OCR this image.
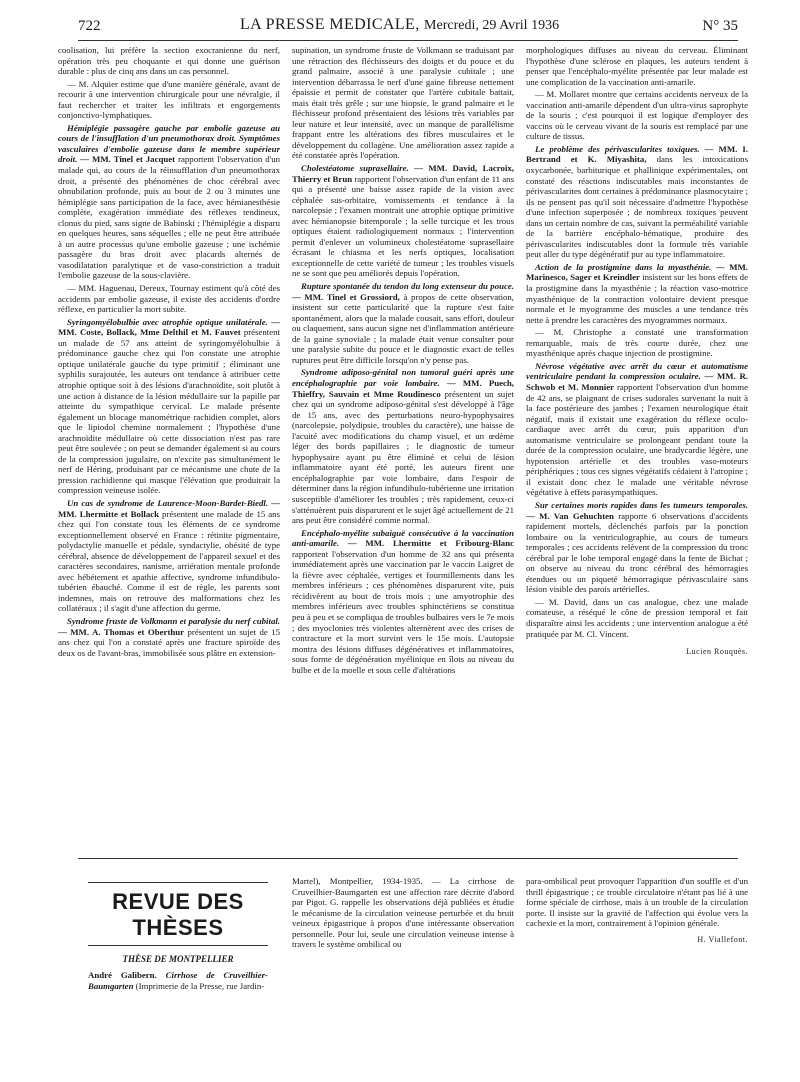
722	LA PRESSE MEDICALE, Mercredi, 29 Avril 1936	N° 35

coolisation, lui préfère la section exocranienne du nerf, opération très peu choquante et qui donne une guérison durable : plus de cinq ans dans un cas personnel.

— M. Alquier estime que d'une manière générale, avant de recourir à une intervention chirurgicale pour une névralgie, il faut rechercher et traiter les infiltrats et engorgements conjonctivo-lymphatiques.

Hémiplégie passagère gauche par embolie gazeuse au cours de l'insufflation d'un pneumothorax droit. Symptômes vasculaires d'embolie gazeuse dans le membre supérieur droit. — MM. Tinel et Jacquet rapportent l'observation d'un malade qui, au cours de la réinsufflation d'un pneumothorax droit, a présenté des phénomènes de choc cérébral avec obnubilation profonde, puis au bout de 2 ou 3 minutes une hémiplégie sans participation de la face, avec hémianesthésie complète, exagération immédiate des réflexes tendineux, clonus du pied, sans signe de Babinski ; l'hémiplégie a disparu en quelques heures, sans séquelles ; elle ne peut être attribuée à un autre processus qu'une embolie gazeuse ; une ischémie passagère du bras droit avec placards alternés de vasodilatation paralytique et de vaso-constriction a traduit l'embolie gazeuse de la sous-clavière.

— MM. Haguenau, Dereux, Tournay estiment qu'à côté des accidents par embolie gazeuse, il existe des accidents d'ordre réflexe, en particulier la mort subite.

Syringomyélobulbie avec atrophie optique unilatérale. — MM. Coste, Bollack, Mme Delthil et M. Fauvet présentent un malade de 57 ans atteint de syringomyélobulbie à prédominance gauche chez qui l'on constate une atrophie optique unilatérale gauche du type primitif ; éliminant une syphilis surajoutée, les auteurs ont tendance à attribuer cette atrophie optique soit à des lésions d'arachnoïdite, soit plutôt à une action à distance de la lésion médullaire sur la papille par atteinte du sympathique cervical. Le malade présente également un blocage manométrique rachidien complet, alors que le lipiodol chemine normalement ; l'hypothèse d'une arachnoïdite médullaire où cette dissociation n'est pas rare peut être soulevée ; on peut se demander également si au cours de la compression jugulaire, on n'excite pas simultanément le nerf de Héring, produisant par ce mécanisme une chute de la pression rachidienne qui masque l'élévation que produirait la compression veineuse isolée.

Un cas de syndrome de Laurence-Moon-Bardet-Biedl. — MM. Lhermitte et Bollack présentent une malade de 15 ans chez qui l'on constate tous les éléments de ce syndrome exceptionnellement observé en France : rétinite pigmentaire, polydactylie manuelle et pédale, syndactylie, obésité de type cérébral, absence de développement de l'appareil sexuel et des caractères secondaires, nanisme, arriération mentale profonde avec hébétement et apathie affective, syndrome infundibulo-tubérien ébauché. Comme il est de règle, les parents sont indemnes, mais on retrouve des malformations chez les collatéraux ; il s'agit d'une affection du germe.

Syndrome fruste de Volkmann et paralysie du nerf cubital. — MM. A. Thomas et Oberthur présentent un sujet de 15 ans chez qui l'on a constaté après une fracture spiroïde des deux os de l'avant-bras, immobilisée sous plâtre en extension-

supination, un syndrome fruste de Volkmann se traduisant par une rétraction des fléchisseurs des doigts et du pouce et du grand palmaire, associé à une paralysie cubitale ; une intervention débarrassa le nerf d'une gaine fibreuse nettement épaissie et permit de constater que l'artère cubitale battait, mais était très grêle ; sur une biopsie, le grand palmaire et le fléchisseur profond présentaient des lésions très variables par leur nature et leur intensité, avec un manque de parallélisme frappant entre les altérations des fibres musculaires et le développement du collagène. Une amélioration assez rapide a été constatée après l'opération.

Cholestéatome suprasellaire. — MM. David, Lacroix, Thierry et Brun rapportent l'observation d'un enfant de 11 ans qui a présenté une baisse assez rapide de la vision avec céphalée sus-orbitaire, vomissements et tendance à la narcolepsie ; l'examen montrait une atrophie optique primitive avec hémianopsie bitemporale ; la selle turcique et les trous optiques étaient radiologiquement normaux ; l'intervention permit d'enlever un volumineux cholestéatome suprasellaire écrasant le chiasma et les nerfs optiques, localisation exceptionnelle de cette variété de tumeur ; les troubles visuels ne se sont que peu améliorés depuis l'opération.

Rupture spontanée du tendon du long extenseur du pouce. — MM. Tinel et Grossiord, à propos de cette observation, insistent sur cette particularité que la rupture s'est faite spontanément, alors que la malade cousait, sans effort, douleur ou claquement, sans aucun signe net d'inflammation antérieure de la gaine synoviale ; la malade était venue consulter pour une paralysie subite du pouce et le diagnostic exact de telles ruptures peut être difficile lorsqu'on n'y pense pas.

Syndrome adiposo-génital non tumoral guéri après une encéphalographie par voie lombaire. — MM. Puech, Thieffry, Sauvain et Mme Roudinesco présentent un sujet chez qui un syndrome adiposo-génital s'est développé à l'âge de 15 ans, avec des perturbations neuro-hypophysaires (narcolepsie, polydipsie, troubles du caractère), une baisse de l'acuité avec modifications du champ visuel, et un œdème léger des bords papillaires ; le diagnostic de tumeur hypophysaire ayant pu être éliminé et celui de lésion inflammatoire ayant été porté, les auteurs firent une encéphalographie par voie lombaire, dans l'espoir de déterminer dans la région infundibulo-tubérienne une irritation susceptible d'améliorer les troubles ; très rapidement, ceux-ci s'atténuèrent puis disparurent et le sujet âgé actuellement de 21 ans peut être considéré comme normal.

Encéphalo-myélite subaiguë consécutive à la vaccination anti-amarile. — MM. Lhermitte et Fribourg-Blanc rapportent l'observation d'un homme de 32 ans qui présenta immédiatement après une vaccination par le vaccin Laigret de la fièvre avec céphalée, vertiges et fourmillements dans les membres inférieurs ; ces phénomènes disparurent vite, puis récidivèrent au bout de trois mois ; une amyotrophie des membres inférieurs avec troubles sphinctériens se constitua peu à peu et se compliqua de troubles bulbaires vers le 7e mois ; des myoclonies très violentes alternèrent avec des crises de contracture et la mort survint vers le 15e mois. L'autopsie montra des lésions diffuses dégénératives et inflammatoires, sous forme de dégénération myélinique en îlots au niveau du bulbe et de la moelle et sous celle d'altérations

morphologiques diffuses au niveau du cerveau. Éliminant l'hypothèse d'une sclérose en plaques, les auteurs tendent à penser que l'encéphalo-myélite présentée par leur malade est une complication de la vaccination anti-amarile.

— M. Mollaret montre que certains accidents nerveux de la vaccination anti-amarile dépendent d'un ultra-virus saprophyte de la souris ; c'est pourquoi il est logique d'employer des vaccins où le cerveau vivant de la souris est remplacé par une culture de tissus.

Le problème des périvascularites toxiques. — MM. I. Bertrand et K. Miyashita, dans les intoxications oxycarbonée, barbiturique et phallinique expérimentales, ont constaté des réactions indiscutables mais inconstantes de périvascularites dont certaines à prédominance plasmocytaire ; ils ne pensent pas qu'il soit nécessaire d'admettre l'hypothèse d'une infection superposée ; de nombreux toxiques peuvent dans un certain nombre de cas, suivant la perméabilité variable de la barrière encéphalo-hématique, produire des périvascularites indiscutables dont la formule très variable peut aller du type dégénératif pur au type inflammatoire.

Action de la prostigmine dans la myasthénie. — MM. Marinesco, Sager et Kreindler insistent sur les bons effets de la prostigmine dans la myasthénie ; la réaction vaso-motrice myasthénique de la contraction volontaire devient presque normale et le myogramme des muscles a une tendance très nette à prendre les caractères des myogrammes normaux.

— M. Christophe a constaté une transformation remarquable, mais de très courte durée, chez une myasthénique après chaque injection de prostigmine.

Névrose végétative avec arrêt du cœur et automatisme ventriculaire pendant la compression oculaire. — MM. R. Schwob et M. Monnier rapportent l'observation d'un homme de 42 ans, se plaignant de crises sudorales survenant la nuit à la face postérieure des jambes ; l'examen neurologique était négatif, mais il existait une exagération du réflexe oculo-cardiaque avec arrêt du cœur, puis apparition d'un automatisme ventriculaire se prolongeant pendant toute la durée de la compression oculaire, une bradycardie légère, une hypotension artérielle et des troubles vaso-moteurs périphériques ; tous ces signes végétatifs cédaient à l'atropine ; il existait donc chez le malade une véritable névrose végétative à effets parasympathiques.

Sur certaines morts rapides dans les tumeurs temporales. — M. Van Gehuchten rapporte 6 observations d'accidents rapidement mortels, déclenchés parfois par la ponction lombaire ou la ventriculographie, au cours de tumeurs temporales ; ces accidents relèvent de la compression du tronc cérébral par le lobe temporal engagé dans la fente de Bichat ; on observe au niveau du tronc cérébral des hémorragies étendues ou un piqueté hémorragique périvasculaire sans lésion visible des parois artérielles.

— M. David, dans un cas analogue, chez une malade comateuse, a réséqué le cône de pression temporal et fait disparaître ainsi les accidents ; une intervention analogue a été pratiquée par M. Cl. Vincent.

Lucien Rouquès.
REVUE DES THÈSES
THÈSE DE MONTPELLIER
André Galibern. Cirrhose de Cruveilhier-Baumgarten (Imprimerie de la Presse, rue Jardin-
Martel), Montpellier, 1934-1935. — La cirrhose de Cruveilhier-Baumgarten est une affection rare décrite d'abord par Pigot. G. rappelle les observations déjà publiées et étudie le mécanisme de la circulation veineuse perturbée et du bruit veineux épigastrique à propos d'une intéressante observation personnelle. Pour lui, seule une circulation veineuse intense à travers le système ombilical ou
para-ombilical peut provoquer l'apparition d'un souffle et d'un thrill épigastrique ; ce trouble circulatoire n'étant pas lié à une forme spéciale de cirrhose, mais à un trouble de la circulation porte. Il insiste sur la gravité de l'affection qui évolue vers la cachexie et la mort, contrairement à l'opinion générale.
H. Viallefont.
